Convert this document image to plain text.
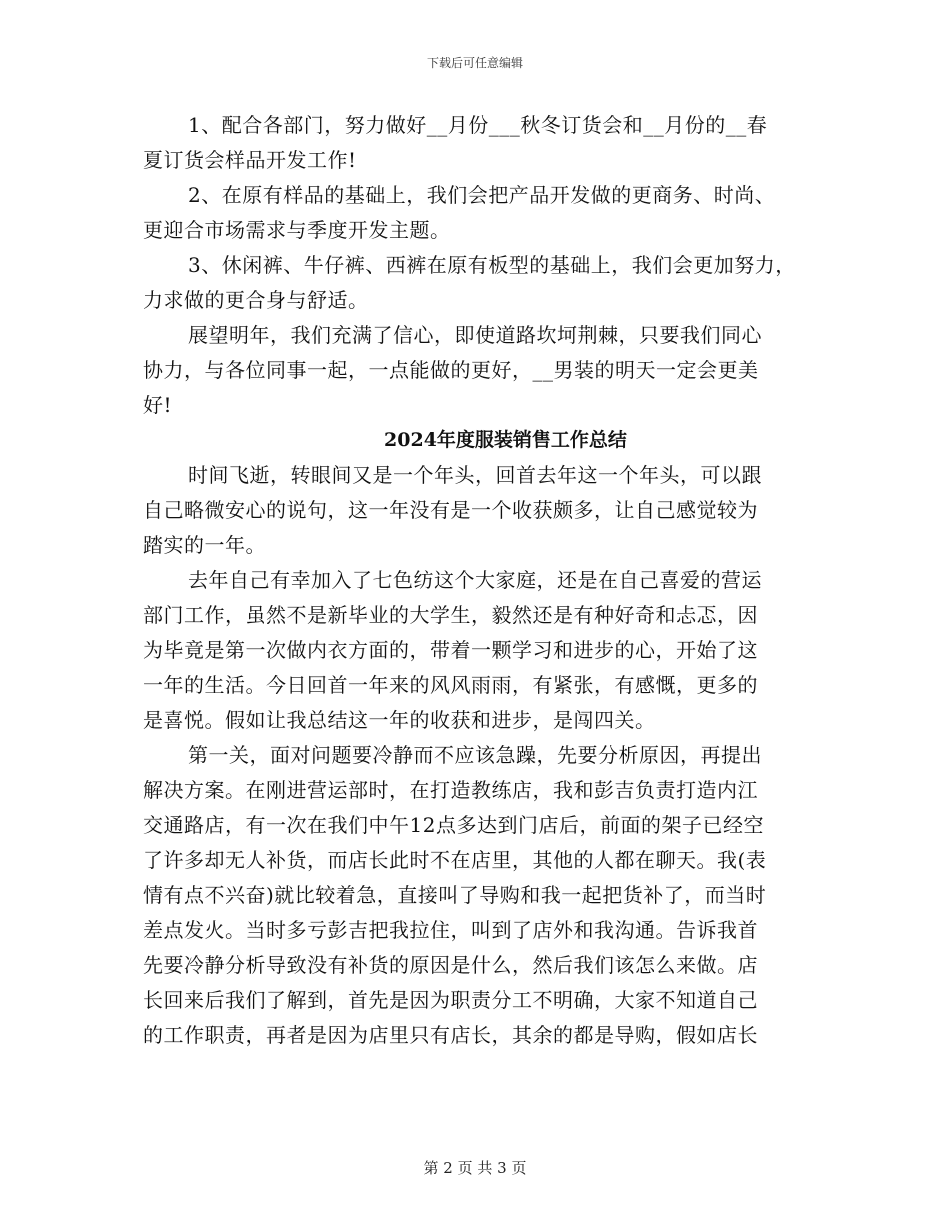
下载后可任意编辑
1、配合各部门，努力做好__月份___秋冬订货会和__月份的__春
夏订货会样品开发工作!
2、在原有样品的基础上，我们会把产品开发做的更商务、时尚、
更迎合市场需求与季度开发主题。
3、休闲裤、牛仔裤、西裤在原有板型的基础上，我们会更加努力，
力求做的更合身与舒适。
展望明年，我们充满了信心，即使道路坎坷荆棘，只要我们同心
协力，与各位同事一起，一点能做的更好，__男装的明天一定会更美
好!
2024年度服装销售工作总结
时间飞逝，转眼间又是一个年头，回首去年这一个年头，可以跟
自己略微安心的说句，这一年没有是一个收获颇多，让自己感觉较为
踏实的一年。
去年自己有幸加入了七色纺这个大家庭，还是在自己喜爱的营运
部门工作，虽然不是新毕业的大学生，毅然还是有种好奇和忐忑，因
为毕竟是第一次做内衣方面的，带着一颗学习和进步的心，开始了这
一年的生活。今日回首一年来的风风雨雨，有紧张，有感慨，更多的
是喜悦。假如让我总结这一年的收获和进步，是闯四关。
第一关，面对问题要冷静而不应该急躁，先要分析原因，再提出
解决方案。在刚进营运部时，在打造教练店，我和彭吉负责打造内江
交通路店，有一次在我们中午12点多达到门店后，前面的架子已经空
了许多却无人补货，而店长此时不在店里，其他的人都在聊天。我(表
情有点不兴奋)就比较着急，直接叫了导购和我一起把货补了，而当时
差点发火。当时多亏彭吉把我拉住，叫到了店外和我沟通。告诉我首
先要冷静分析导致没有补货的原因是什么，然后我们该怎么来做。店
长回来后我们了解到，首先是因为职责分工不明确，大家不知道自己
的工作职责，再者是因为店里只有店长，其余的都是导购，假如店长
第 2 页 共 3 页
